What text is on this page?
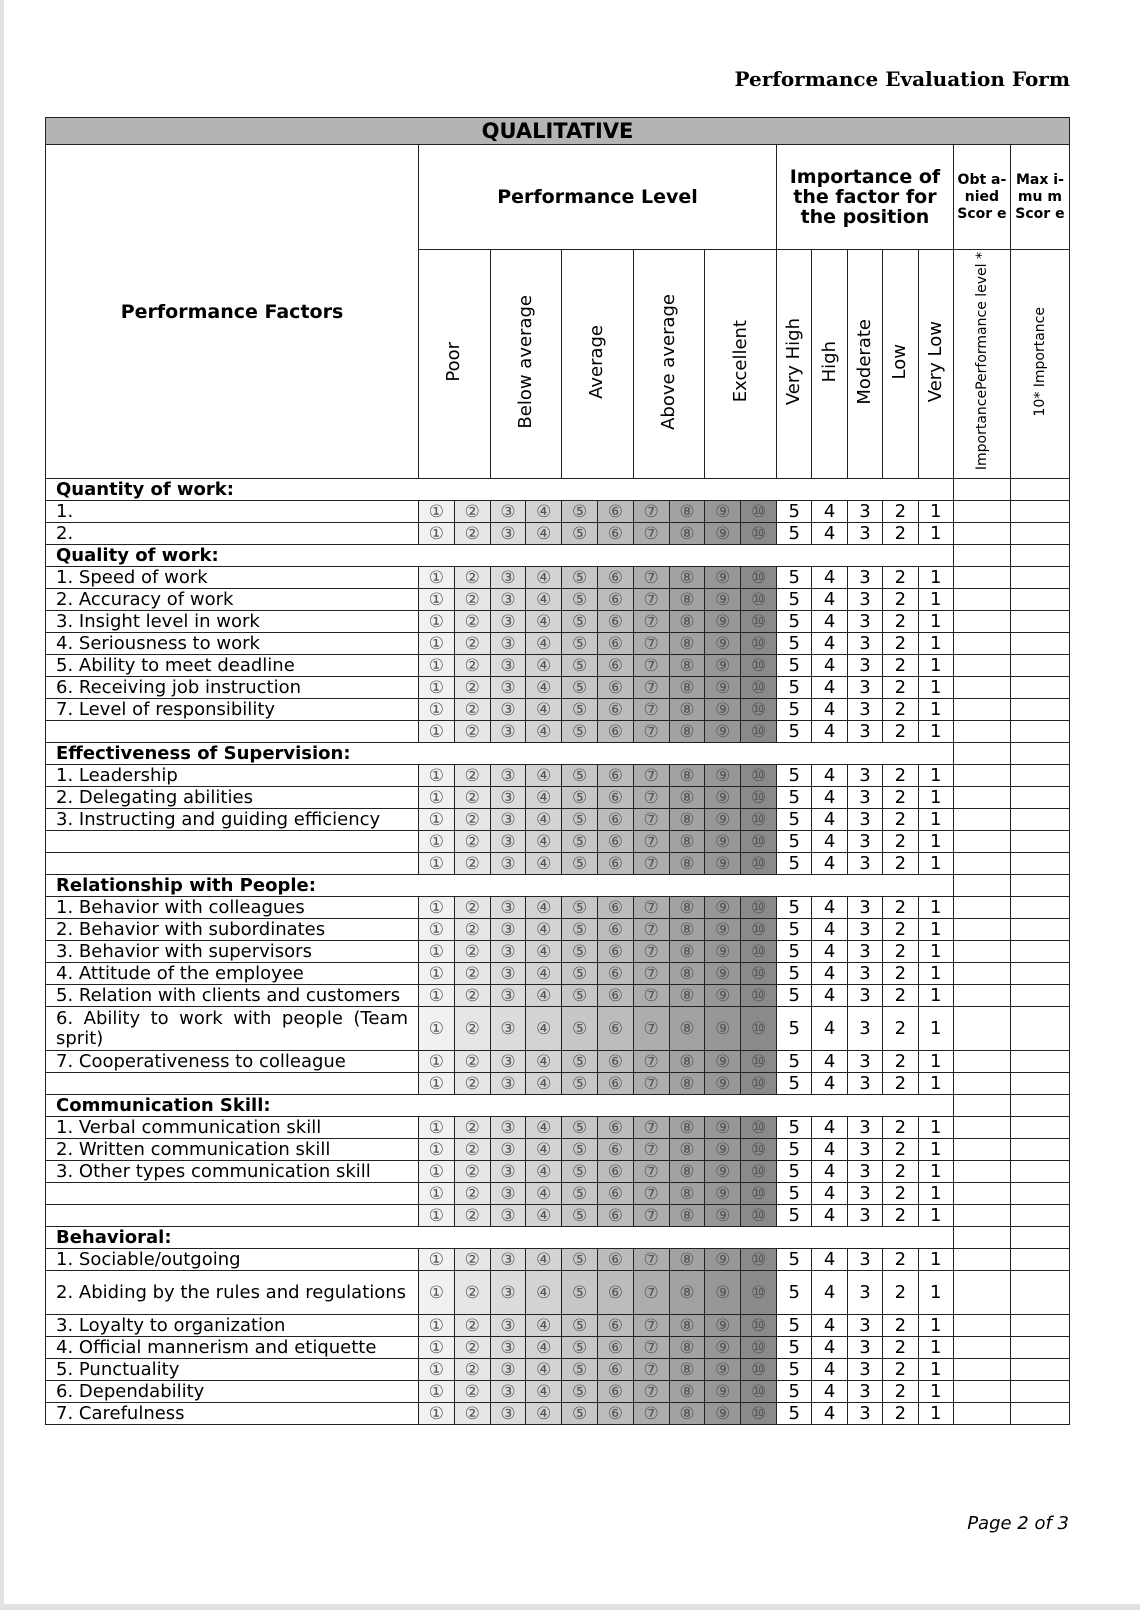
Performance Evaluation Form
QUALITATIVE																	
Performance Factors	Performance Level										Importance of the factor for the position					Obt a- nied Scor e	Max i- mu m Scor e
	Poor		Below average		Average		Above average		Excellent		Very High	High	Moderate	Low	Very Low	ImportancePerformance level *	10* Importance
Quantity of work:																	
1.	①	②	③	④	⑤	⑥	⑦	⑧	⑨	⑩	5	4	3	2	1		
2.	①	②	③	④	⑤	⑥	⑦	⑧	⑨	⑩	5	4	3	2	1		
Quality of work:																	
1. Speed of work	①	②	③	④	⑤	⑥	⑦	⑧	⑨	⑩	5	4	3	2	1		
2. Accuracy of work	①	②	③	④	⑤	⑥	⑦	⑧	⑨	⑩	5	4	3	2	1		
3. Insight level in work	①	②	③	④	⑤	⑥	⑦	⑧	⑨	⑩	5	4	3	2	1		
4. Seriousness to work	①	②	③	④	⑤	⑥	⑦	⑧	⑨	⑩	5	4	3	2	1		
5. Ability to meet deadline	①	②	③	④	⑤	⑥	⑦	⑧	⑨	⑩	5	4	3	2	1		
6. Receiving job instruction	①	②	③	④	⑤	⑥	⑦	⑧	⑨	⑩	5	4	3	2	1		
7. Level of responsibility	①	②	③	④	⑤	⑥	⑦	⑧	⑨	⑩	5	4	3	2	1		
	①	②	③	④	⑤	⑥	⑦	⑧	⑨	⑩	5	4	3	2	1		
Effectiveness of Supervision:																	
1. Leadership	①	②	③	④	⑤	⑥	⑦	⑧	⑨	⑩	5	4	3	2	1		
2. Delegating abilities	①	②	③	④	⑤	⑥	⑦	⑧	⑨	⑩	5	4	3	2	1		
3. Instructing and guiding efficiency	①	②	③	④	⑤	⑥	⑦	⑧	⑨	⑩	5	4	3	2	1		
	①	②	③	④	⑤	⑥	⑦	⑧	⑨	⑩	5	4	3	2	1		
	①	②	③	④	⑤	⑥	⑦	⑧	⑨	⑩	5	4	3	2	1		
Relationship with People:																	
1. Behavior with colleagues	①	②	③	④	⑤	⑥	⑦	⑧	⑨	⑩	5	4	3	2	1		
2. Behavior with subordinates	①	②	③	④	⑤	⑥	⑦	⑧	⑨	⑩	5	4	3	2	1		
3. Behavior with supervisors	①	②	③	④	⑤	⑥	⑦	⑧	⑨	⑩	5	4	3	2	1		
4. Attitude of the employee	①	②	③	④	⑤	⑥	⑦	⑧	⑨	⑩	5	4	3	2	1		
5. Relation with clients and customers	①	②	③	④	⑤	⑥	⑦	⑧	⑨	⑩	5	4	3	2	1		
6. Ability to work with people (Team sprit)	①	②	③	④	⑤	⑥	⑦	⑧	⑨	⑩	5	4	3	2	1		
7. Cooperativeness to colleague	①	②	③	④	⑤	⑥	⑦	⑧	⑨	⑩	5	4	3	2	1		
	①	②	③	④	⑤	⑥	⑦	⑧	⑨	⑩	5	4	3	2	1		
Communication Skill:																	
1. Verbal communication skill	①	②	③	④	⑤	⑥	⑦	⑧	⑨	⑩	5	4	3	2	1		
2. Written communication skill	①	②	③	④	⑤	⑥	⑦	⑧	⑨	⑩	5	4	3	2	1		
3. Other types communication skill	①	②	③	④	⑤	⑥	⑦	⑧	⑨	⑩	5	4	3	2	1		
	①	②	③	④	⑤	⑥	⑦	⑧	⑨	⑩	5	4	3	2	1		
	①	②	③	④	⑤	⑥	⑦	⑧	⑨	⑩	5	4	3	2	1		
Behavioral:																	
1. Sociable/outgoing	①	②	③	④	⑤	⑥	⑦	⑧	⑨	⑩	5	4	3	2	1		
2. Abiding by the rules and regulations	①	②	③	④	⑤	⑥	⑦	⑧	⑨	⑩	5	4	3	2	1		
3. Loyalty to organization	①	②	③	④	⑤	⑥	⑦	⑧	⑨	⑩	5	4	3	2	1		
4. Official mannerism and etiquette	①	②	③	④	⑤	⑥	⑦	⑧	⑨	⑩	5	4	3	2	1		
5. Punctuality	①	②	③	④	⑤	⑥	⑦	⑧	⑨	⑩	5	4	3	2	1		
6. Dependability	①	②	③	④	⑤	⑥	⑦	⑧	⑨	⑩	5	4	3	2	1		
7. Carefulness	①	②	③	④	⑤	⑥	⑦	⑧	⑨	⑩	5	4	3	2	1		
Page 2 of 3
